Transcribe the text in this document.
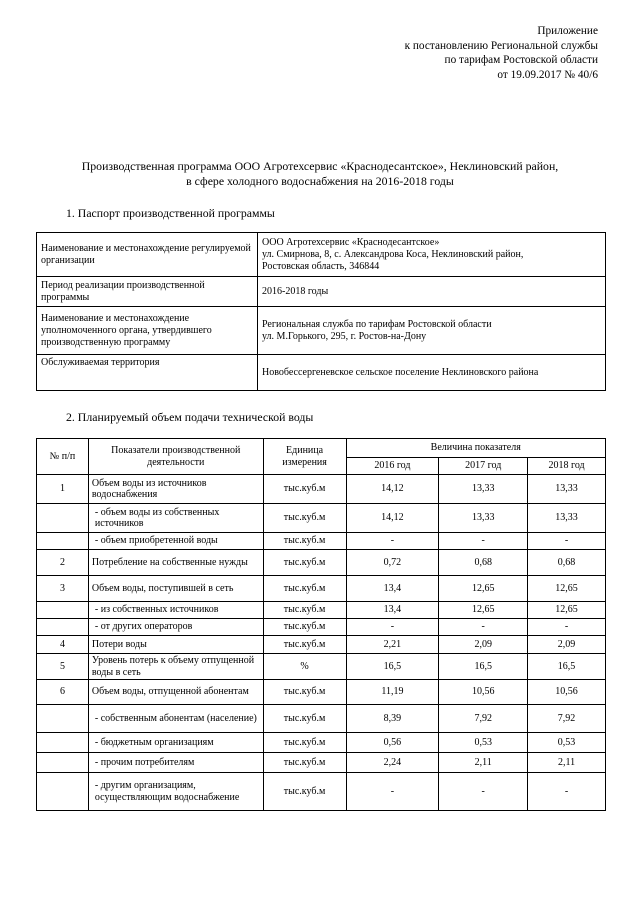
Приложение
к постановлению Региональной службы
по тарифам Ростовской области
от 19.09.2017 № 40/6
Производственная программа ООО Агротехсервис «Краснодесантское», Неклиновский район,
в сфере холодного водоснабжения на 2016-2018 годы
1. Паспорт производственной программы
Наименование и местонахождение регулируемой организации	ООО Агротехсервис «Краснодесантское»
ул. Смирнова, 8, с. Александрова Коса, Неклиновский район,
Ростовская область, 346844

Период реализации производственной программы	2016-2018 годы

Наименование и местонахождение уполномоченного органа, утвердившего производственную программу	Региональная служба по тарифам Ростовской области
ул. М.Горького, 295, г. Ростов-на-Дону

Обслуживаемая территория	Новобессергеневское сельское поселение Неклиновского района
2. Планируемый объем подачи технической воды
№ п/п	Показатели производственной деятельности	Единица измерения	Величина показателя		
			2016 год	2017 год	2018 год
1	Объем воды из источников водоснабжения	тыс.куб.м	14,12	13,33	13,33
	- объем воды из собственных источников	тыс.куб.м	14,12	13,33	13,33
	- объем приобретенной воды	тыс.куб.м	-	-	-
2	Потребление на собственные нужды	тыс.куб.м	0,72	0,68	0,68
3	Объем воды, поступившей в сеть	тыс.куб.м	13,4	12,65	12,65
	- из собственных источников	тыс.куб.м	13,4	12,65	12,65
	- от других операторов	тыс.куб.м	-	-	-
4	Потери воды	тыс.куб.м	2,21	2,09	2,09
5	Уровень потерь к объему отпущенной воды в сеть	%	16,5	16,5	16,5
6	Объем воды, отпущенной абонентам	тыс.куб.м	11,19	10,56	10,56
	- собственным абонентам (население)	тыс.куб.м	8,39	7,92	7,92
	- бюджетным организациям	тыс.куб.м	0,56	0,53	0,53
	- прочим потребителям	тыс.куб.м	2,24	2,11	2,11
	- другим организациям, осуществляющим водоснабжение	тыс.куб.м	-	-	-
